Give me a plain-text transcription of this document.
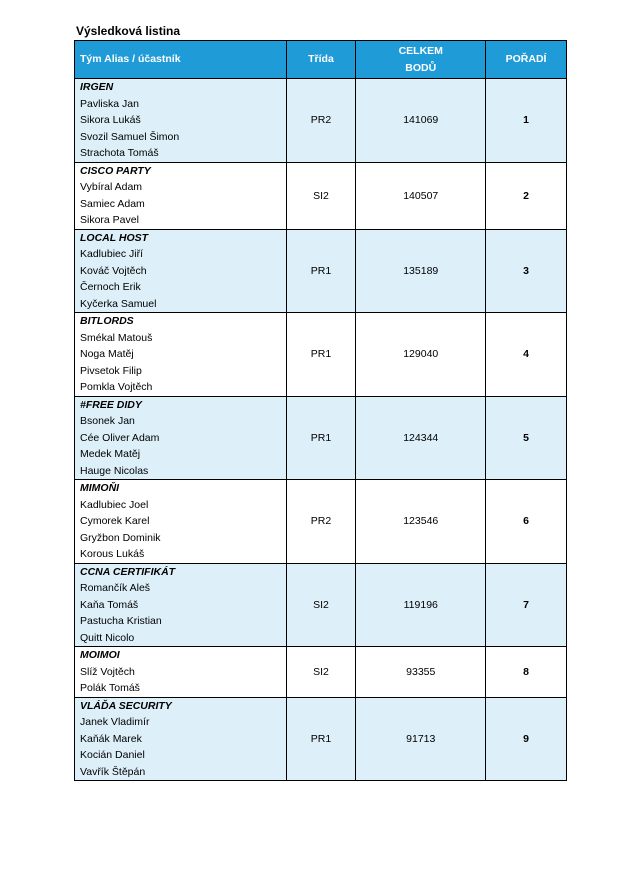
Výsledková listina
Tým Alias / účastník	Třída	CELKEM
BODŮ	POŘADÍ

IRGEN
Pavliska Jan
Sikora Lukáš
Svozil Samuel Šimon
Strachota Tomáš	PR2	141069	1

CISCO PARTY
Vybíral Adam
Samiec Adam
Sikora Pavel	SI2	140507	2

LOCAL HOST
Kadlubiec Jiří
Kováč Vojtěch
Černoch Erik
Kyčerka Samuel	PR1	135189	3

BITLORDS
Smékal Matouš
Noga Matěj
Pivsetok Filip
Pomkla Vojtěch	PR1	129040	4

#FREE DIDY
Bsonek Jan
Cée Oliver Adam
Medek Matěj
Hauge Nicolas	PR1	124344	5

MIMOŇI
Kadlubiec Joel
Cymorek Karel
Gryžbon Dominik
Korous Lukáš	PR2	123546	6

CCNA CERTIFIKÁT
Romančík Aleš
Kaňa Tomáš
Pastucha Kristian
Quitt Nicolo	SI2	119196	7

MOIMOI
Slíž Vojtěch
Polák Tomáš	SI2	93355	8

VLÁĎA SECURITY
Janek Vladimír
Kaňák Marek
Kocián Daniel
Vavřík Štěpán	PR1	91713	9
